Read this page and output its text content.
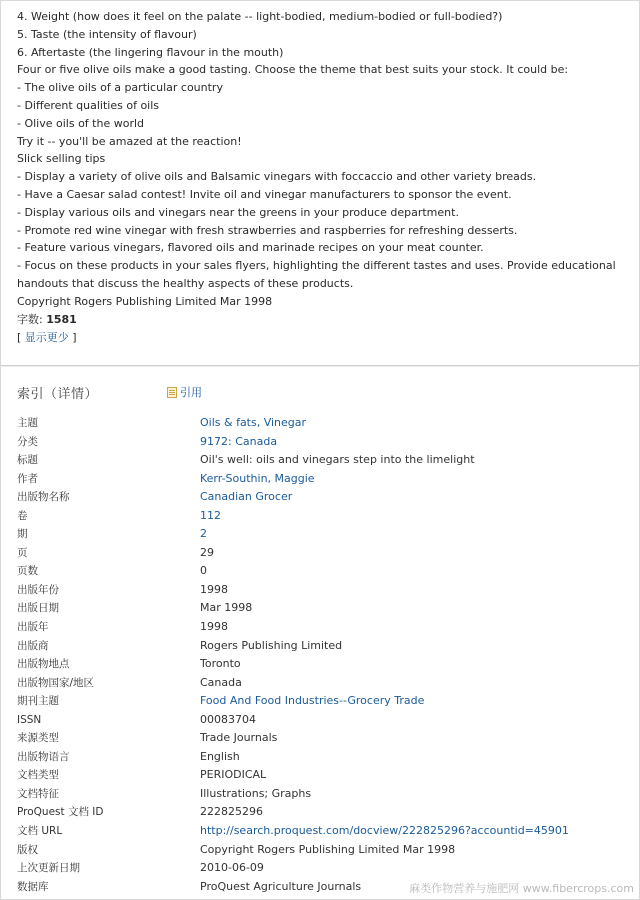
4. Weight (how does it feel on the palate -- light-bodied, medium-bodied or full-bodied?)
5. Taste (the intensity of flavour)
6. Aftertaste (the lingering flavour in the mouth)
Four or five olive oils make a good tasting. Choose the theme that best suits your stock. It could be:
- The olive oils of a particular country
- Different qualities of oils
- Olive oils of the world
Try it -- you'll be amazed at the reaction!
Slick selling tips
- Display a variety of olive oils and Balsamic vinegars with foccaccio and other variety breads.
- Have a Caesar salad contest! Invite oil and vinegar manufacturers to sponsor the event.
- Display various oils and vinegars near the greens in your produce department.
- Promote red wine vinegar with fresh strawberries and raspberries for refreshing desserts.
- Feature various vinegars, flavored oils and marinade recipes on your meat counter.
- Focus on these products in your sales flyers, highlighting the different tastes and uses. Provide educational
handouts that discuss the healthy aspects of these products.
Copyright Rogers Publishing Limited Mar 1998
字数: 1581
[ 显示更少 ]
索引（详情）	引用
主题	Oils & fats, Vinegar
分类	9172: Canada
标题	Oil's well: oils and vinegars step into the limelight
作者	Kerr-Southin, Maggie
出版物名称	Canadian Grocer
卷	112
期	2
页	29
页数	0
出版年份	1998
出版日期	Mar 1998
出版年	1998
出版商	Rogers Publishing Limited
出版物地点	Toronto
出版物国家/地区	Canada
期刊主题	Food And Food Industries--Grocery Trade
ISSN	00083704
来源类型	Trade Journals
出版物语言	English
文档类型	PERIODICAL
文档特征	Illustrations; Graphs
ProQuest 文档 ID	222825296
文档 URL	http://search.proquest.com/docview/222825296?accountid=45901
版权	Copyright Rogers Publishing Limited Mar 1998
上次更新日期	2010-06-09
数据库	ProQuest Agriculture Journals	麻类作物营养与施肥网 www.fibercrops.com
